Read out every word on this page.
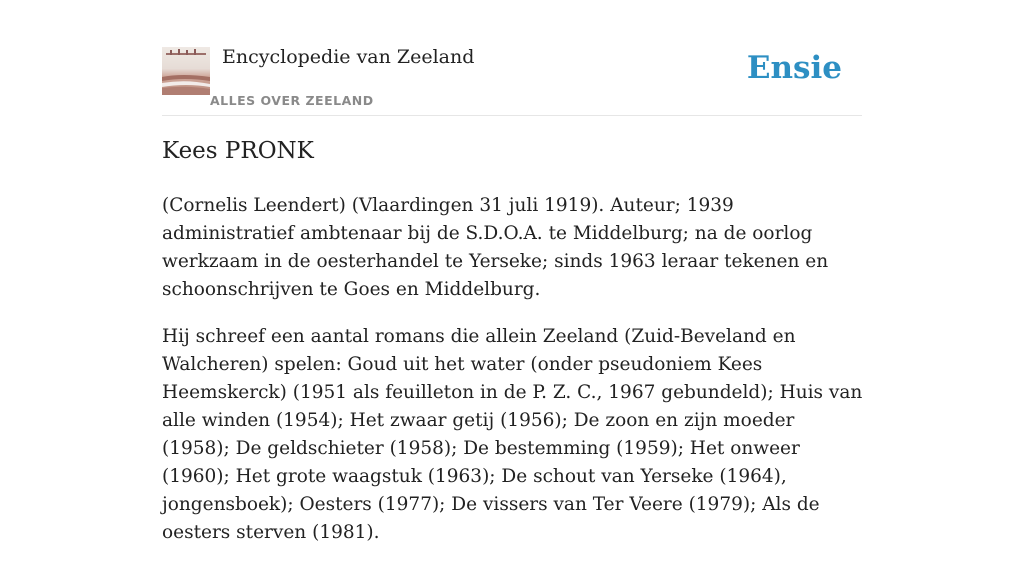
Encyclopedie van Zeeland
ALLES OVER ZEELAND
Ensie
Kees PRONK

(Cornelis Leendert) (Vlaardingen 31 juli 1919). Auteur; 1939 administratief ambtenaar bij de S.D.O.A. te Middelburg; na de oorlog werkzaam in de oesterhandel te Yerseke; sinds 1963 leraar tekenen en schoonschrijven te Goes en Middelburg.

Hij schreef een aantal romans die allein Zeeland (Zuid-Beveland en Walcheren) spelen: Goud uit het water (onder pseudoniem Kees Heemskerck) (1951 als feuilleton in de P. Z. C., 1967 gebundeld); Huis van alle winden (1954); Het zwaar getij (1956); De zoon en zijn moeder (1958); De geldschieter (1958); De bestemming (1959); Het onweer (1960); Het grote waagstuk (1963); De schout van Yerseke (1964), jongensboek); Oesters (1977); De vissers van Ter Veere (1979); Als de oesters sterven (1981).
